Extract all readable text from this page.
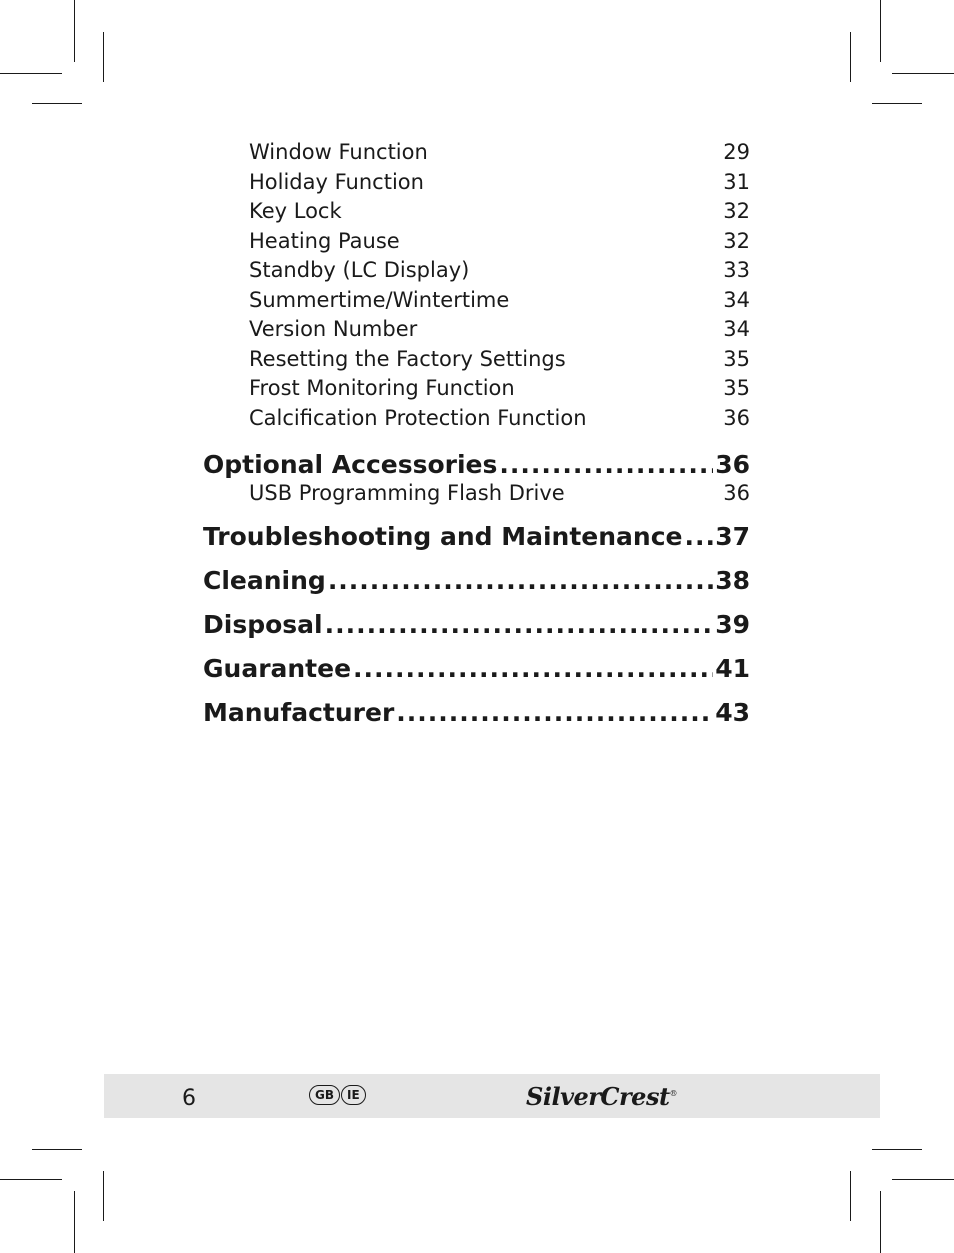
Window Function	29
Holiday Function	31
Key Lock	32
Heating Pause	32
Standby (LC Display)	33
Summertime/Wintertime	34
Version Number	34
Resetting the Factory Settings	35
Frost Monitoring Function	35
Calcification Protection Function	36
Optional Accessories .....	36
USB Programming Flash Drive	36
Troubleshooting and Maintenance ..... 37
Cleaning .....	38
Disposal .....	39
Guarantee .....	41
Manufacturer .....	43
6	GB	IE	SilverCrest®
